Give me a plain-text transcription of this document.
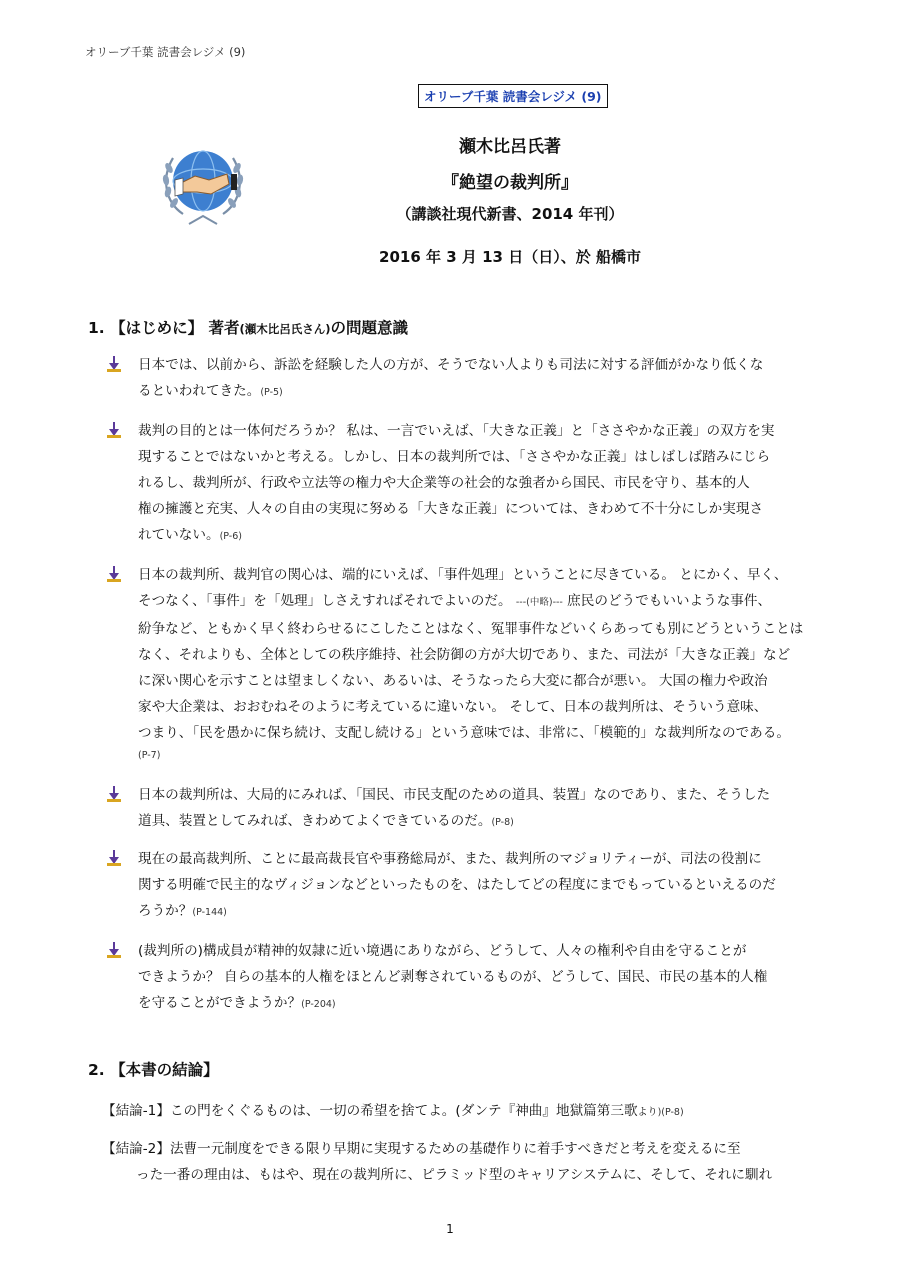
オリーブ千葉 読書会レジメ (9)
オリーブ千葉 読書会レジメ (9)
瀬木比呂氏著
『絶望の裁判所』
（講談社現代新書、2014 年刊）
2016 年 3 月 13 日（日）、於 船橋市
1. 【はじめに】 著者(瀬木比呂氏さん)の問題意識
日本では、以前から、訴訟を経験した人の方が、そうでない人よりも司法に対する評価がかなり低くな
るといわれてきた。(P-5)
裁判の目的とは一体何だろうか？ 私は、一言でいえば、「大きな正義」と「ささやかな正義」の双方を実
現することではないかと考える。しかし、日本の裁判所では、「ささやかな正義」はしばしば踏みにじら
れるし、裁判所が、行政や立法等の権力や大企業等の社会的な強者から国民、市民を守り、基本的人
権の擁護と充実、人々の自由の実現に努める「大きな正義」については、きわめて不十分にしか実現さ
れていない。(P-6)
日本の裁判所、裁判官の関心は、端的にいえば、「事件処理」ということに尽きている。 とにかく、早く、
そつなく、「事件」を「処理」しさえすればそれでよいのだ。 ---(中略)--- 庶民のどうでもいいような事件、
紛争など、ともかく早く終わらせるにこしたことはなく、冤罪事件などいくらあっても別にどうということは
なく、それよりも、全体としての秩序維持、社会防御の方が大切であり、また、司法が「大きな正義」など
に深い関心を示すことは望ましくない、あるいは、そうなったら大変に都合が悪い。 大国の権力や政治
家や大企業は、おおむねそのように考えているに違いない。 そして、日本の裁判所は、そういう意味、
つまり、「民を愚かに保ち続け、支配し続ける」という意味では、非常に、「模範的」な裁判所なのである。
(P-7)
日本の裁判所は、大局的にみれば、「国民、市民支配のための道具、装置」なのであり、また、そうした
道具、装置としてみれば、きわめてよくできているのだ。(P-8)
現在の最高裁判所、ことに最高裁長官や事務総局が、また、裁判所のマジョリティーが、司法の役割に
関する明確で民主的なヴィジョンなどといったものを、はたしてどの程度にまでもっているといえるのだ
ろうか？(P-144)
(裁判所の)構成員が精神的奴隷に近い境遇にありながら、どうして、人々の権利や自由を守ることが
できようか？ 自らの基本的人権をほとんど剥奪されているものが、どうして、国民、市民の基本的人権
を守ることができようか？(P-204)
2. 【本書の結論】
【結論-1】この門をくぐるものは、一切の希望を捨てよ。(ダンテ『神曲』地獄篇第三歌より)(P-8)
【結論-2】法曹一元制度をできる限り早期に実現するための基礎作りに着手すべきだと考えを変えるに至
った一番の理由は、もはや、現在の裁判所に、ピラミッド型のキャリアシステムに、そして、それに馴れ
1
